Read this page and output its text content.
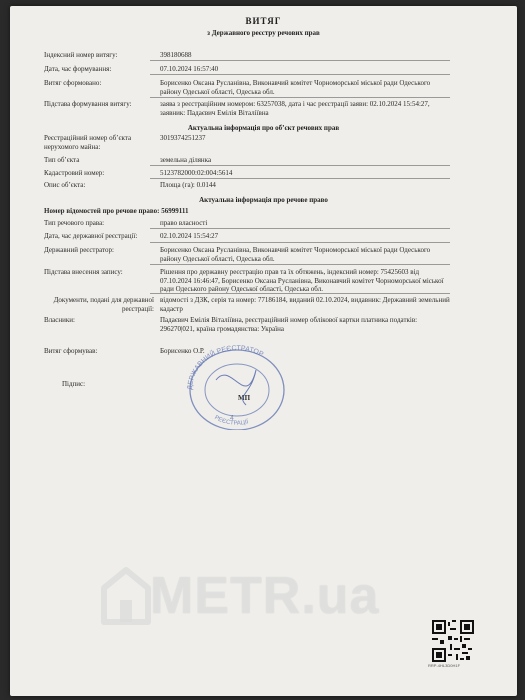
ВИТЯГ
з Державного реєстру речових прав
Індексний номер витягу:	398180688
Дата, час формування:	07.10.2024 16:57:40
Витяг сформовано:	Борисенко Оксана Русланівна, Виконавчий комітет Чорноморської міської ради Одеського району Одеської області, Одеська обл.
Підстава формування витягу:	заява з реєстраційним номером: 63257038, дата і час реєстрації заяви: 02.10.2024 15:54:27, заявник: Падаєвич Емілія Віталіївна
Актуальна інформація про об’єкт речових прав
Реєстраційний номер об’єкта нерухомого майна:
3019374251237
Тип об’єкта	земельна ділянка
Кадастровий номер:	5123782000:02:004:5614
Опис об’єкта:	Площа (га): 0.0144
Актуальна інформація про речове право
Номер відомостей про речове право: 56999111
Тип речового права:	право власності
Дата, час державної реєстрації:	02.10.2024 15:54:27
Державний реєстратор:	Борисенко Оксана Русланівна, Виконавчий комітет Чорноморської міської ради Одеського району Одеської області, Одеська обл.
Підстава внесення запису:	Рішення про державну реєстрацію прав та їх обтяжень, індексний номер: 75425603 від 07.10.2024 16:46:47, Борисенко Оксана Русланівна, Виконавчий комітет Чорноморської міської ради Одеського району Одеської області, Одеська обл.
Документи, подані для державної реєстрації:
відомості з ДЗК, серія та номер: 77186184, виданий 02.10.2024, видавник: Державний земельний кадастр
Власники:	Падаєвич Емілія Віталіївна, реєстраційний номер облікової картки платника податків: 296270|021, країна громадянства: Україна
Витяг сформував:	Борисенко О.Р.
Підпис:
МП
ДЕРЖАВНИЙ РЕЄСТРАТОР
РЕЄСТРАЦІЇ
4
METR.ua
RRP-4HL3D0H1F
